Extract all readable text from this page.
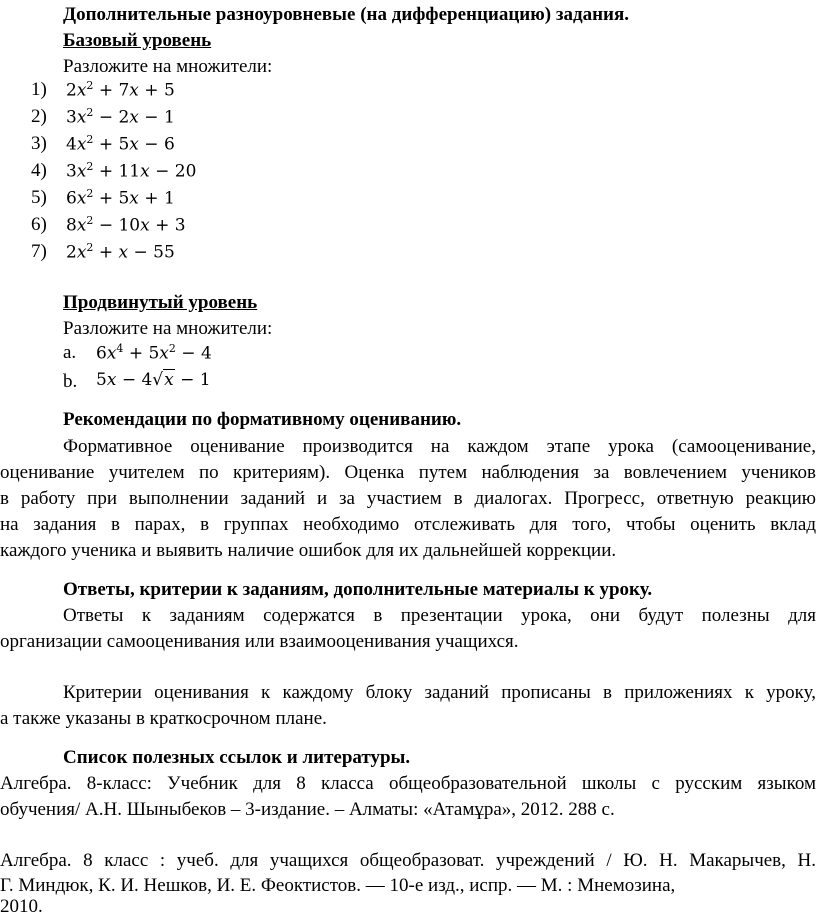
Дополнительные разноуровневые (на дифференциацию) задания.
Базовый уровень
Разложите на множители:
1) $2x^2 + 7x + 5$
2) $3x^2 - 2x - 1$
3) $4x^2 + 5x - 6$
4) $3x^2 + 11x - 20$
5) $6x^2 + 5x + 1$
6) $8x^2 - 10x + 3$
7) $2x^2 + x - 55$
Продвинутый уровень
Разложите на множители:
a. $6x^4 + 5x^2 - 4$
b. 5x − 4√x − 1
Рекомендации по формативному оцениванию.
Формативное оценивание производится на каждом этапе урока (самооценивание,
оценивание учителем по критериям). Оценка путем наблюдения за вовлечением учеников
в работу при выполнении заданий и за участием в диалогах. Прогресс, ответную реакцию
на задания в парах, в группах необходимо отслеживать для того, чтобы оценить вклад
каждого ученика и выявить наличие ошибок для их дальнейшей коррекции.
Ответы, критерии к заданиям, дополнительные материалы к уроку.
Ответы к заданиям содержатся в презентации урока, они будут полезны для
организации самооценивания или взаимооценивания учащихся.
Критерии оценивания к каждому блоку заданий прописаны в приложениях к уроку,
а также указаны в краткосрочном плане.
Список полезных ссылок и литературы.
Алгебра. 8-класс: Учебник для 8 класса общеобразовательной школы с русским языком
обучения/ А.Н. Шыныбеков – 3-издание. – Алматы: «Атамұра», 2012. 288 с.
Алгебра. 8 класс : учеб. для учащихся общеобразоват. учреждений / Ю. Н. Макарычев, Н.
Г. Миндюк, К. И. Нешков, И. Е. Феоктистов. — 10-е изд., испр. — М. : Мнемозина,
2010.
